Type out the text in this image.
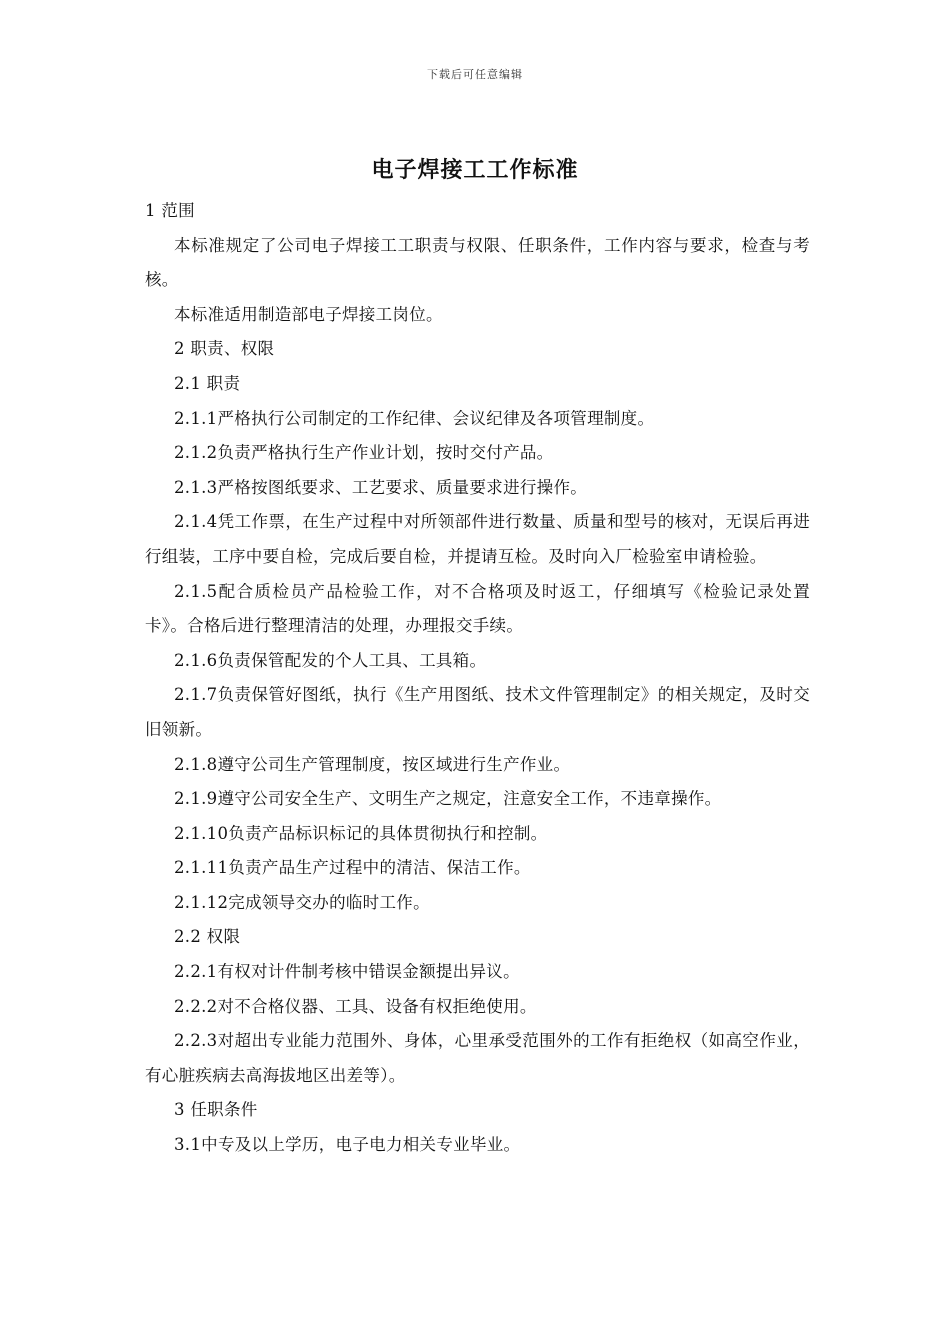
下载后可任意编辑
电子焊接工工作标准

1 范围

本标准规定了公司电子焊接工工职责与权限、任职条件，工作内容与要求，检查与考核。

本标准适用制造部电子焊接工岗位。

2 职责、权限

2.1 职责

2.1.1严格执行公司制定的工作纪律、会议纪律及各项管理制度。

2.1.2负责严格执行生产作业计划，按时交付产品。

2.1.3严格按图纸要求、工艺要求、质量要求进行操作。

2.1.4凭工作票，在生产过程中对所领部件进行数量、质量和型号的核对，无误后再进行组装，工序中要自检，完成后要自检，并提请互检。及时向入厂检验室申请检验。

2.1.5配合质检员产品检验工作，对不合格项及时返工，仔细填写《检验记录处置卡》。合格后进行整理清洁的处理，办理报交手续。

2.1.6负责保管配发的个人工具、工具箱。

2.1.7负责保管好图纸，执行《生产用图纸、技术文件管理制定》的相关规定，及时交旧领新。

2.1.8遵守公司生产管理制度，按区域进行生产作业。

2.1.9遵守公司安全生产、文明生产之规定，注意安全工作，不违章操作。

2.1.10负责产品标识标记的具体贯彻执行和控制。

2.1.11负责产品生产过程中的清洁、保洁工作。

2.1.12完成领导交办的临时工作。

2.2 权限

2.2.1有权对计件制考核中错误金额提出异议。

2.2.2对不合格仪器、工具、设备有权拒绝使用。

2.2.3对超出专业能力范围外、身体，心里承受范围外的工作有拒绝权（如高空作业，有心脏疾病去高海拔地区出差等）。

3 任职条件

3.1中专及以上学历，电子电力相关专业毕业。
